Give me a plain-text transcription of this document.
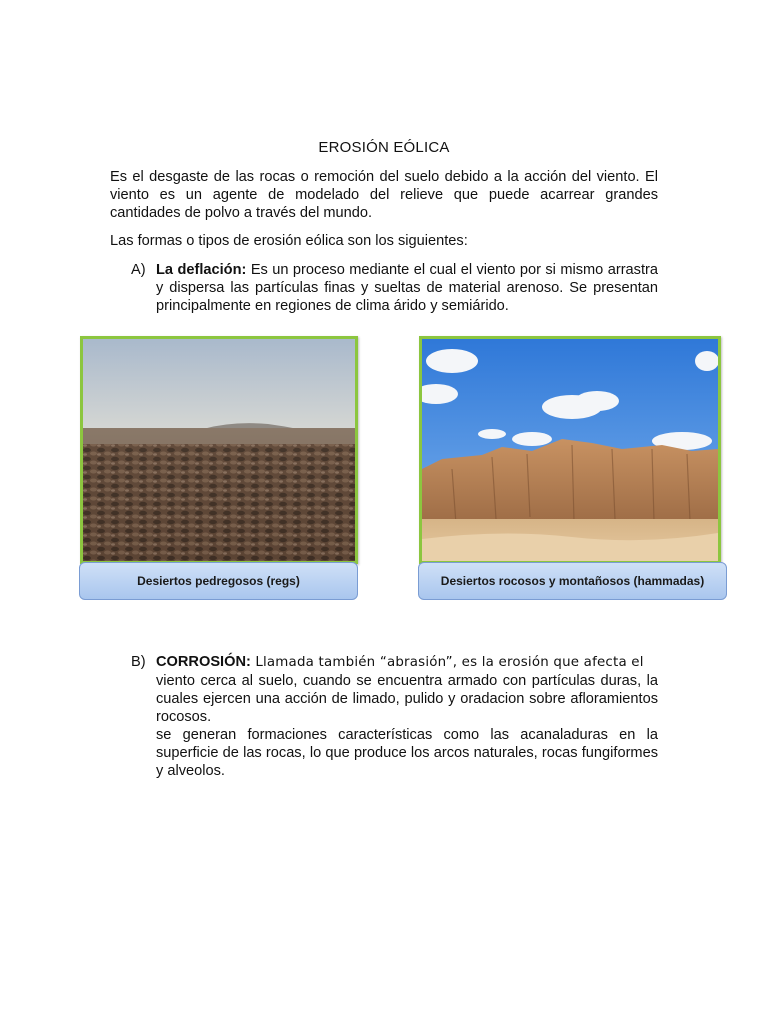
EROSIÓN EÓLICA
Es el desgaste de las rocas o remoción del suelo debido a la acción del viento. El viento es un agente de modelado del relieve que puede acarrear grandes cantidades de polvo a través del mundo.
Las formas o tipos de erosión eólica son los siguientes:
A) La deflación: Es un proceso mediante el cual el viento por si mismo arrastra y dispersa las partículas finas y sueltas de material arenoso. Se presentan principalmente en regiones de clima árido y semiárido.
Desiertos pedregosos (regs)	Desiertos rocosos y montañosos (hammadas)
B) CORROSIÓN: Llamada también “abrasión”, es la erosión que afecta el
viento cerca al suelo, cuando se encuentra armado con partículas duras, la cuales ejercen una acción de limado, pulido y oradacion sobre afloramientos rocosos.
se generan formaciones características como las acanaladuras en la superficie de las rocas, lo que produce los arcos naturales, rocas fungiformes y alveolos.
